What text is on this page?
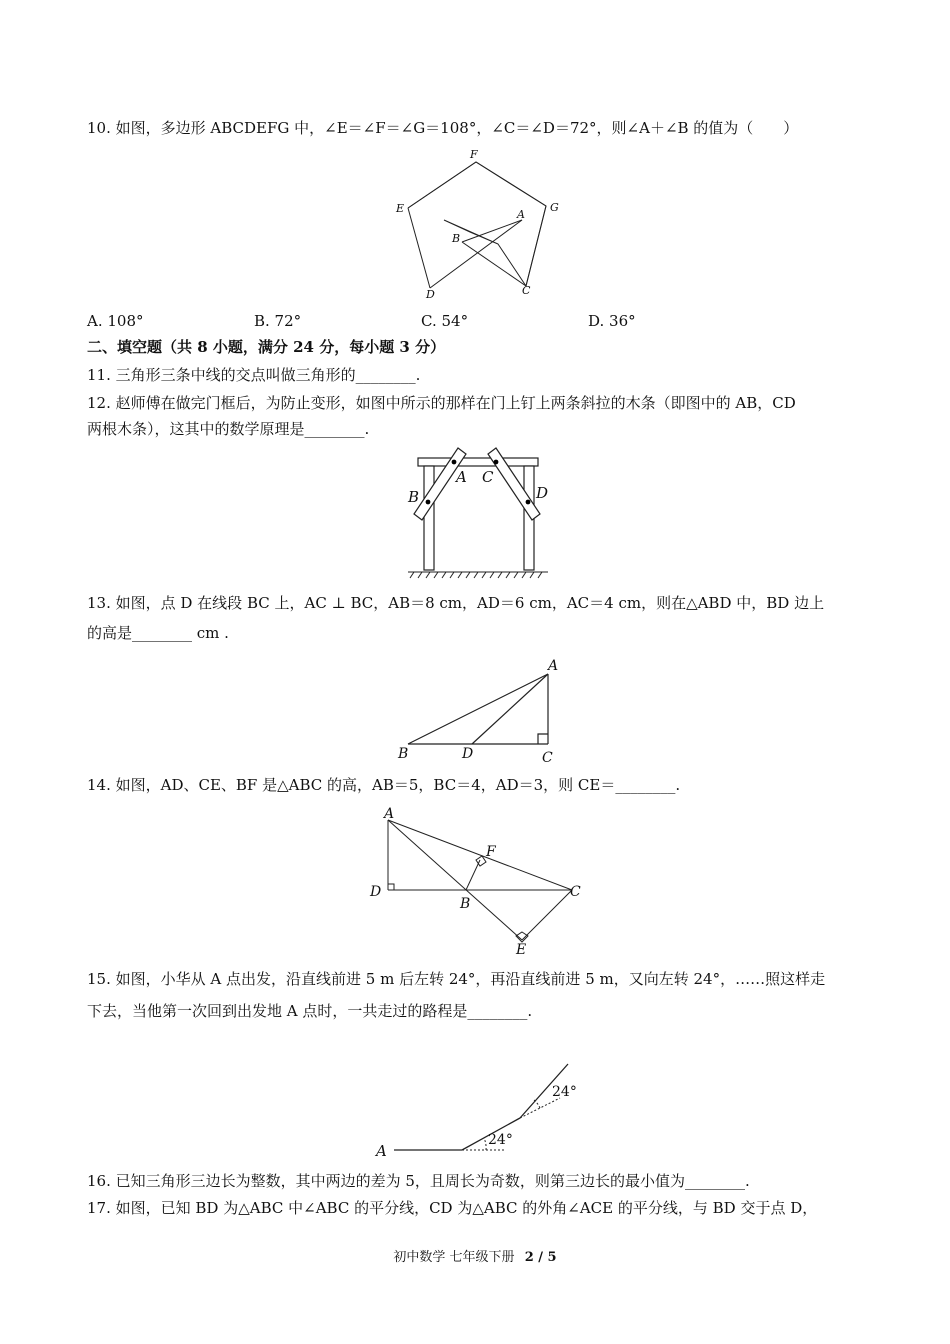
10. 如图，多边形 ABCDEFG 中，∠E＝∠F＝∠G＝108°，∠C＝∠D＝72°，则∠A＋∠B 的值为（　　）
F
E	G
A
B
D	C
A. 108°	B. 72°	C. 54°	D. 36°
二、填空题（共 8 小题，满分 24 分，每小题 3 分）
11. 三角形三条中线的交点叫做三角形的________.
12. 赵师傅在做完门框后，为防止变形，如图中所示的那样在门上钉上两条斜拉的木条（即图中的 AB，CD
两根木条），这其中的数学原理是________.
A C
B	D
13. 如图，点 D 在线段 BC 上，AC ⊥ BC，AB＝8 cm，AD＝6 cm，AC＝4 cm，则在△ABD 中，BD 边上
的高是________ cm .
A
B	D	C
14. 如图，AD、CE、BF 是△ABC 的高，AB＝5，BC＝4，AD＝3，则 CE＝________.
A
F
D
B
C
E
15. 如图，小华从 A 点出发，沿直线前进 5 m 后左转 24°，再沿直线前进 5 m，又向左转 24°，……照这样走
下去，当他第一次回到出发地 A 点时，一共走过的路程是________.
A
24°
24°
16. 已知三角形三边长为整数，其中两边的差为 5，且周长为奇数，则第三边长的最小值为________.
17. 如图，已知 BD 为△ABC 中∠ABC 的平分线，CD 为△ABC 的外角∠ACE 的平分线，与 BD 交于点 D，
初中数学 七年级下册 2 / 5
